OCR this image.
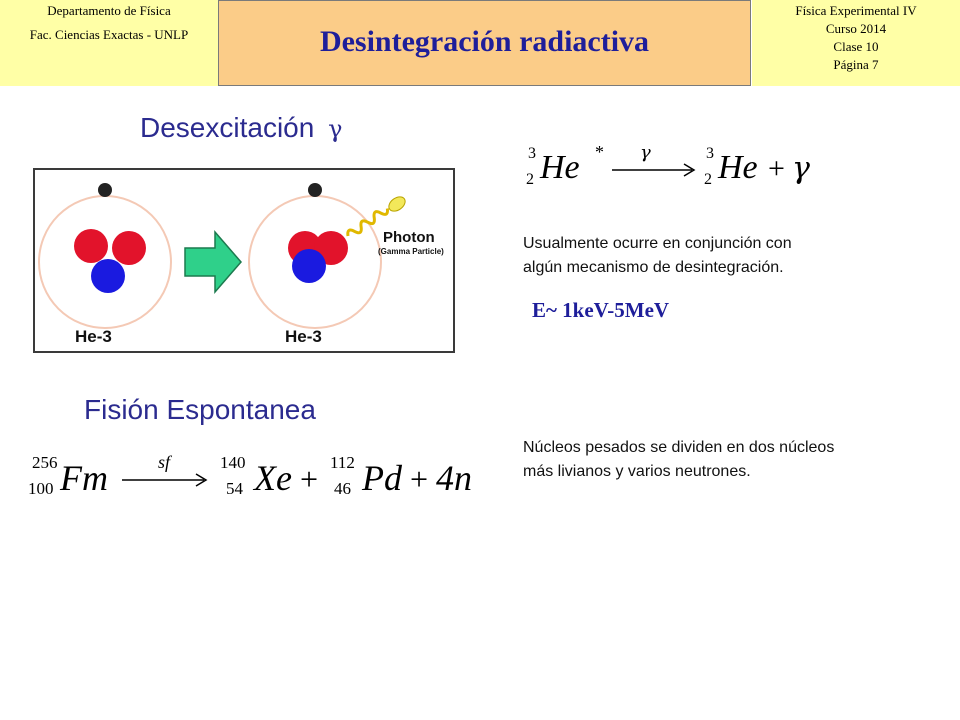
Departamento de Física
Fac. Ciencias Exactas - UNLP	Desintegración radiactiva
Física Experimental IV
Curso 2014
Clase 10
Página 7
Desexcitación γ
He-3	He-3
Photon
(Gamma Particle)
3
2 He * γ	3
2 He + γ
Usualmente ocurre en conjunción con
algún mecanismo de desintegración.
E~ 1keV-5MeV
Fisión Espontanea
256
100 Fm	sf	140
54 Xe + 112
46 Pd + 4n
Núcleos pesados se dividen en dos núcleos
más livianos y varios neutrones.
